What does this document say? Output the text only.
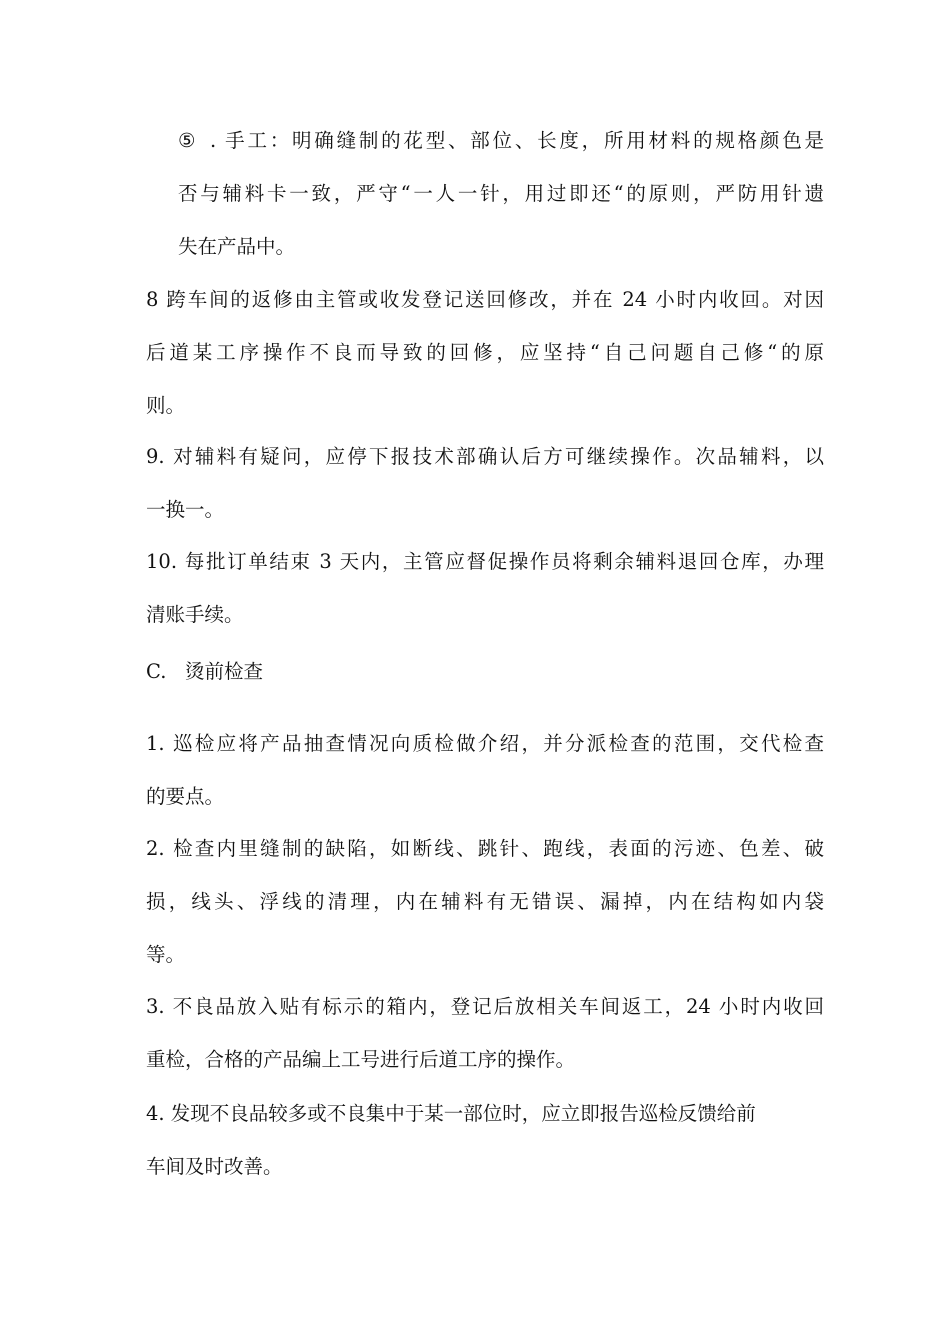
⑤ . 手工：明确缝制的花型、部位、长度，所用材料的规格颜色是
否与辅料卡一致，严守“一人一针，用过即还“的原则，严防用针遗
失在产品中。
8 跨车间的返修由主管或收发登记送回修改，并在 24 小时内收回。对因
后道某工序操作不良而导致的回修，应坚持“自己问题自己修“的原
则。
9. 对辅料有疑问，应停下报技术部确认后方可继续操作。次品辅料，以
一换一。
10. 每批订单结束 3 天内，主管应督促操作员将剩余辅料退回仓库，办理
清账手续。
C. 烫前检查
1. 巡检应将产品抽查情况向质检做介绍，并分派检查的范围，交代检查
的要点。
2. 检查内里缝制的缺陷，如断线、跳针、跑线，表面的污迹、色差、破
损，线头、浮线的清理，内在辅料有无错误、漏掉，内在结构如内袋
等。
3. 不良品放入贴有标示的箱内，登记后放相关车间返工，24 小时内收回
重检，合格的产品编上工号进行后道工序的操作。
4. 发现不良品较多或不良集中于某一部位时，应立即报告巡检反馈给前
车间及时改善。
